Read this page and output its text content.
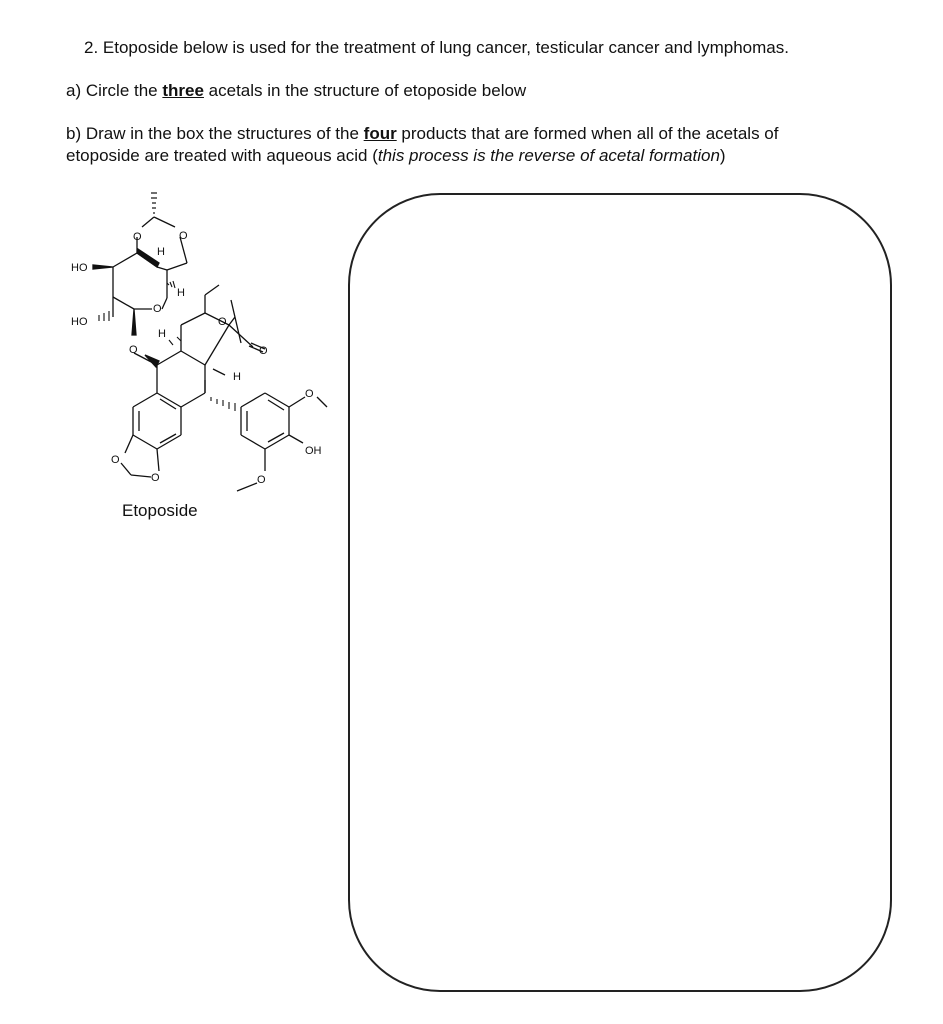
2. Etoposide below is used for the treatment of lung cancer, testicular cancer and lymphomas.
a) Circle the three acetals in the structure of etoposide below
b) Draw in the box the structures of the four products that are formed when all of the acetals of
etoposide are treated with aqueous acid (this process is the reverse of acetal formation)
O	O
H
HO
H
O
HO
H
O
O
O
H
O
OH
O
O	O
Etoposide
